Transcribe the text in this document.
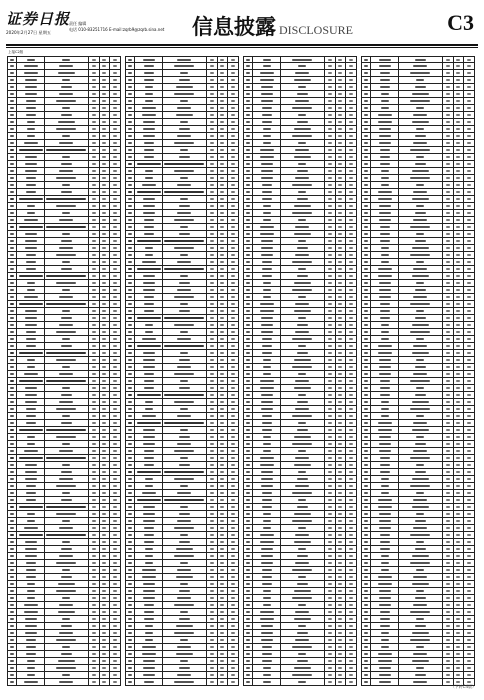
证券日报
2020年2月27日 星期五
责任 编辑
电话 010-83251716 E-mail:zqrb9@zqrb.sina.net 信息披露 DISCLOSURE	C3
上接C2版
（下转C4版）
